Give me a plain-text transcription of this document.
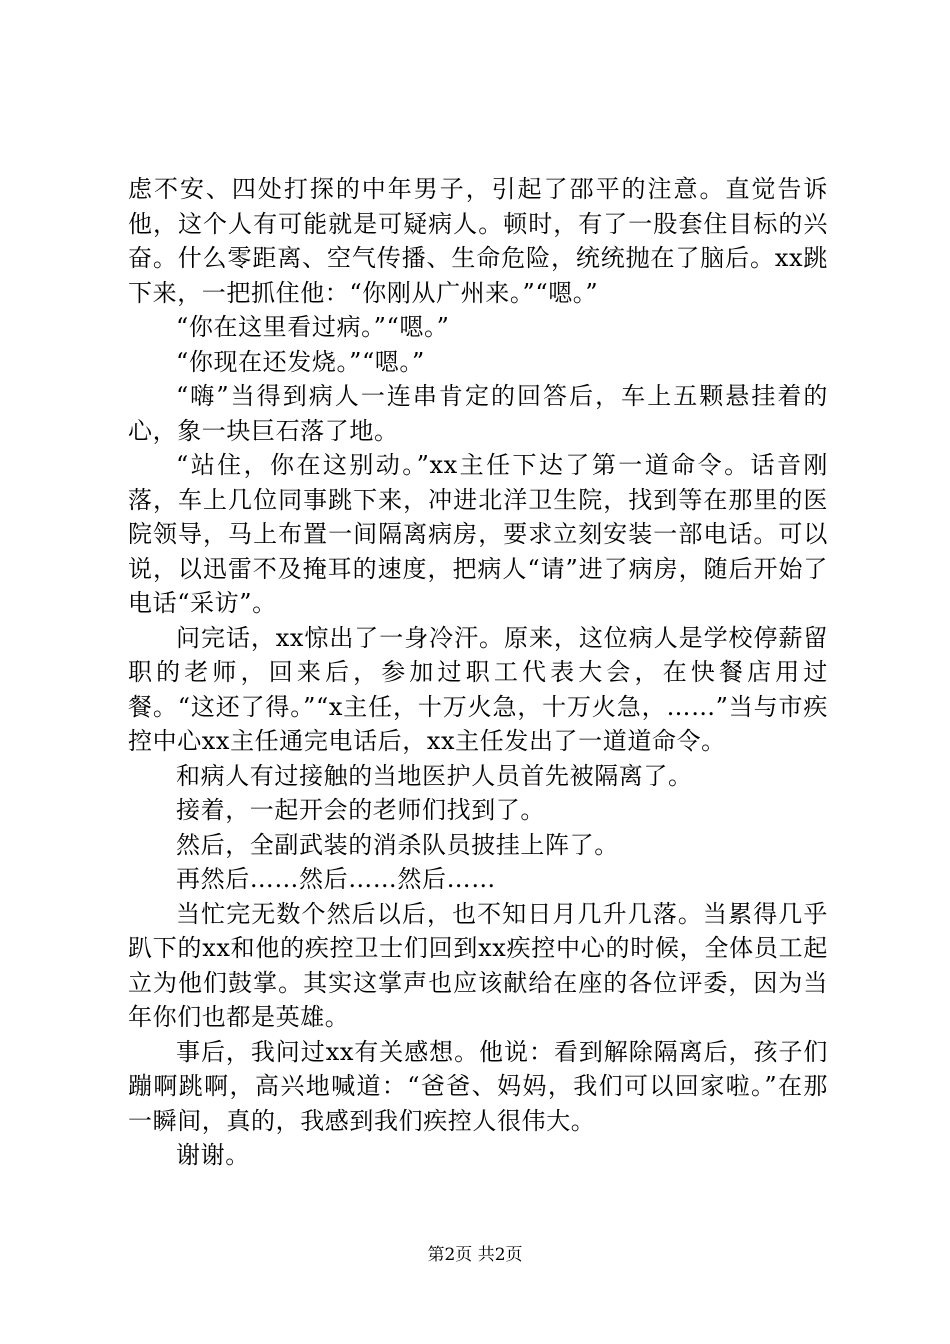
虑不安、四处打探的中年男子，引起了邵平的注意。直觉告诉他，这个人有可能就是可疑病人。顿时，有了一股套住目标的兴奋。什么零距离、空气传播、生命危险，统统抛在了脑后。xx跳下来，一把抓住他：“你刚从广州来。”“嗯。”

“你在这里看过病。”“嗯。”

“你现在还发烧。”“嗯。”

“嗨”当得到病人一连串肯定的回答后，车上五颗悬挂着的心，象一块巨石落了地。

“站住，你在这别动。”xx主任下达了第一道命令。话音刚落，车上几位同事跳下来，冲进北洋卫生院，找到等在那里的医院领导，马上布置一间隔离病房，要求立刻安装一部电话。可以说，以迅雷不及掩耳的速度，把病人“请”进了病房，随后开始了电话“采访”。

问完话，xx惊出了一身冷汗。原来，这位病人是学校停薪留职的老师，回来后，参加过职工代表大会，在快餐店用过餐。“这还了得。”“x主任，十万火急，十万火急，……”当与市疾控中心xx主任通完电话后，xx主任发出了一道道命令。

和病人有过接触的当地医护人员首先被隔离了。

接着，一起开会的老师们找到了。

然后，全副武装的消杀队员披挂上阵了。

再然后……然后……然后……

当忙完无数个然后以后，也不知日月几升几落。当累得几乎趴下的xx和他的疾控卫士们回到xx疾控中心的时候，全体员工起立为他们鼓掌。其实这掌声也应该献给在座的各位评委，因为当年你们也都是英雄。

事后，我问过xx有关感想。他说：看到解除隔离后，孩子们蹦啊跳啊，高兴地喊道：“爸爸、妈妈，我们可以回家啦。”在那一瞬间，真的，我感到我们疾控人很伟大。

谢谢。

第2页 共2页
